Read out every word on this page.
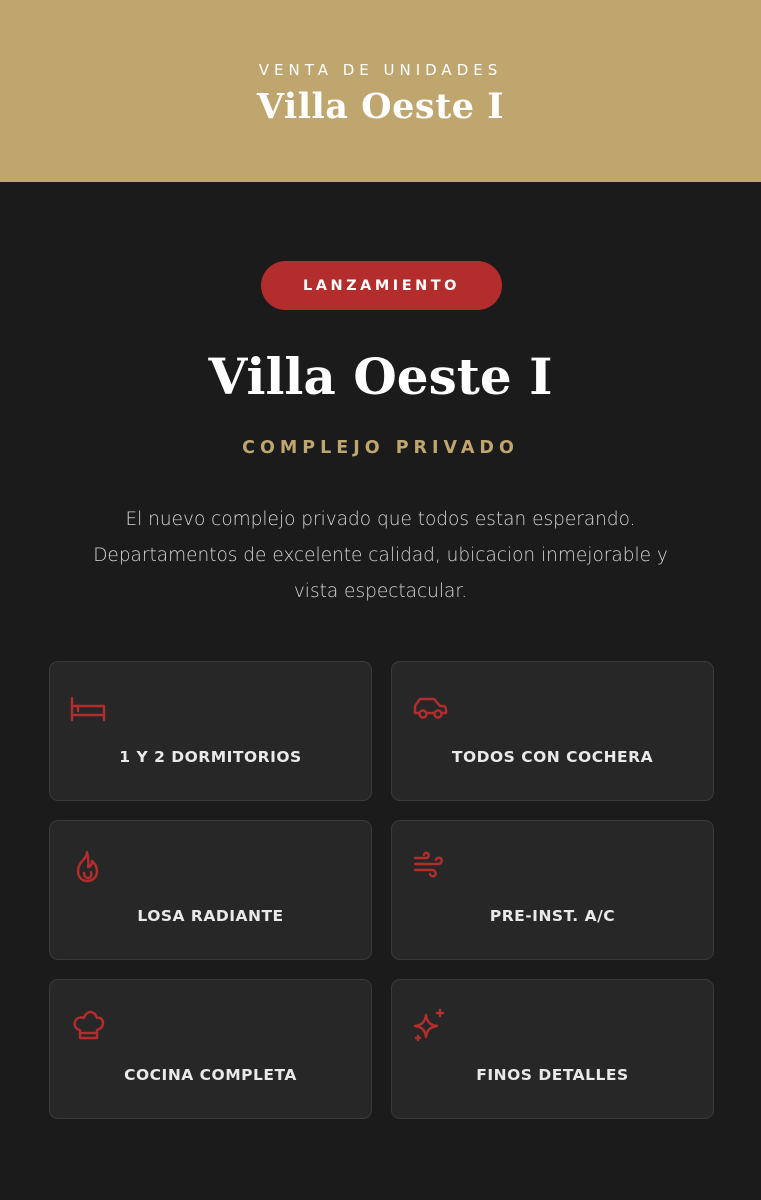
VENTA DE UNIDADES
Villa Oeste I
LANZAMIENTO
Villa Oeste I
COMPLEJO PRIVADO

El nuevo complejo privado que todos estan esperando.
Departamentos de excelente calidad, ubicacion inmejorable y
vista espectacular.

1 Y 2 DORMITORIOS	TODOS CON COCHERA
LOSA RADIANTE	PRE-INST. A/C
COCINA COMPLETA	FINOS DETALLES
